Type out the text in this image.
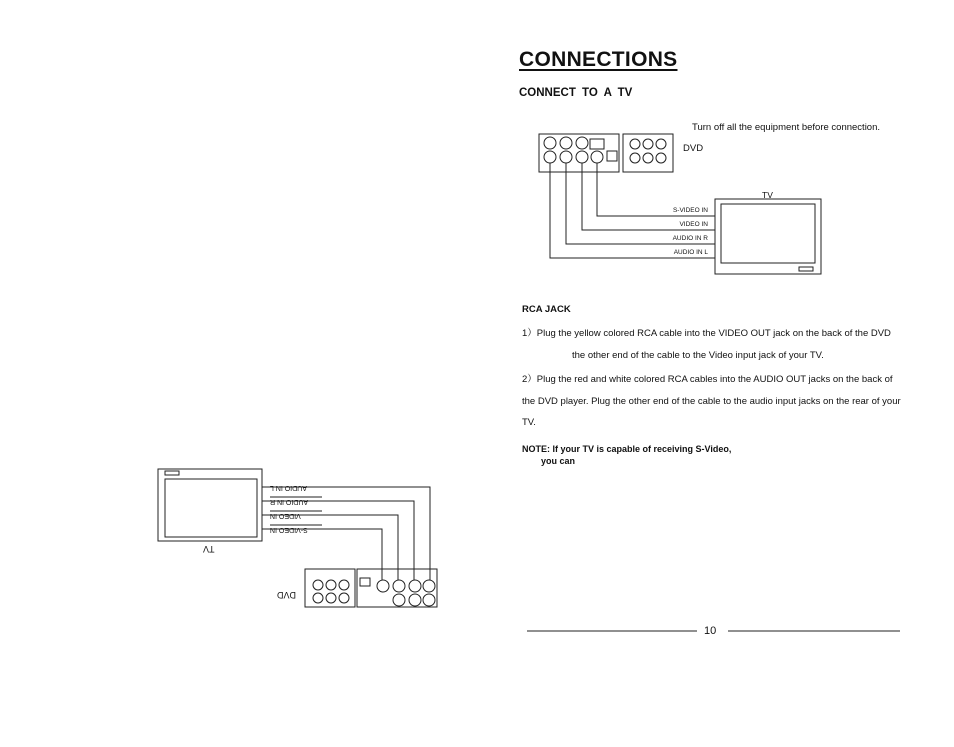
AUDIO IN L
AUDIO IN R
VIDEO IN
S-VIDEO IN
TV
DVD
CONNECTIONS
CONNECT TO A TV
Turn off all the equipment before connection.
DVD
TV
S-VIDEO IN
VIDEO IN
AUDIO IN R
AUDIO IN L
RCA JACK
1）Plug the yellow colored RCA cable into the VIDEO OUT jack on the back of the DVD
the other end of the cable to the Video input jack of your TV.
2）Plug the red and white colored RCA cables into the AUDIO OUT jacks on the back of
the DVD player. Plug the other end of the cable to the audio input jacks on the rear of your
TV.
NOTE: If your TV is capable of receiving S-Video,
you can
10
